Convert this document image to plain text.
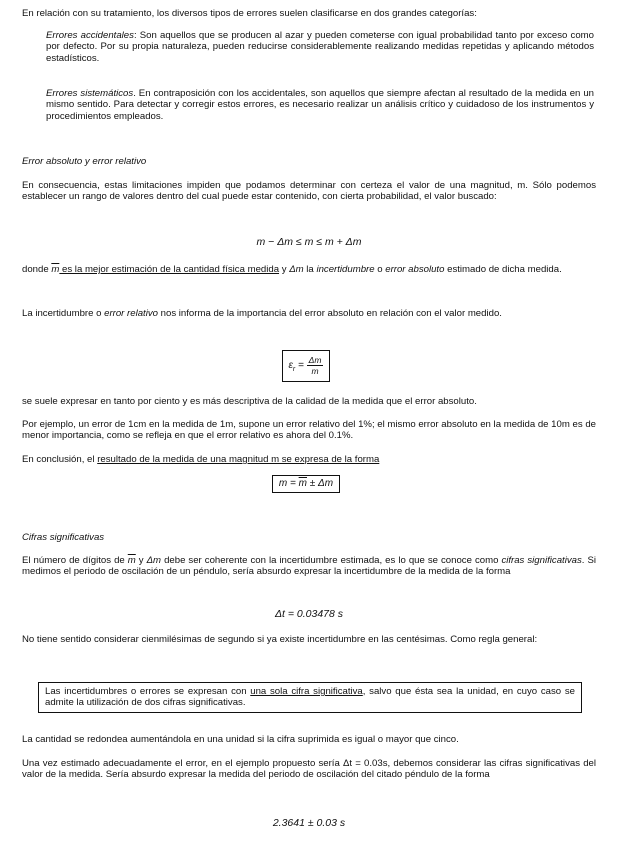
En relación con su tratamiento, los diversos tipos de errores suelen clasificarse en dos grandes categorías:
Errores accidentales: Son aquellos que se producen al azar y pueden cometerse con igual probabilidad tanto por exceso como por defecto. Por su propia naturaleza, pueden reducirse considerablemente realizando medidas repetidas y aplicando métodos estadísticos.
Errores sistemáticos. En contraposición con los accidentales, son aquellos que siempre afectan al resultado de la medida en un mismo sentido. Para detectar y corregir estos errores, es necesario realizar un análisis crítico y cuidadoso de los instrumentos y procedimientos empleados.
Error absoluto y error relativo
En consecuencia, estas limitaciones impiden que podamos determinar con certeza el valor de una magnitud, m. Sólo podemos establecer un rango de valores dentro del cual puede estar contenido, con cierta probabilidad, el valor buscado:
m − Δm ≤ m ≤ m + Δm
donde $\overline{m}$ es la mejor estimación de la cantidad física medida y Δm la incertidumbre o error absoluto estimado de dicha medida.
La incertidumbre o error relativo nos informa de la importancia del error absoluto en relación con el valor medido.
$\varepsilon_r = \frac{\Delta m}{m}$
se suele expresar en tanto por ciento y es más descriptiva de la calidad de la medida que el error absoluto.
Por ejemplo, un error de 1cm en la medida de 1m, supone un error relativo del 1%; el mismo error absoluto en la medida de 10m es de menor importancia, como se refleja en que el error relativo es ahora del 0.1%.
En conclusión, el resultado de la medida de una magnitud m se expresa de la forma
$m = \overline{m} \pm \Delta m$
Cifras significativas
El número de dígitos de $\overline{m}$ y Δm debe ser coherente con la incertidumbre estimada, es lo que se conoce como cifras significativas. Si medimos el periodo de oscilación de un péndulo, sería absurdo expresar la incertidumbre de la medida de la forma
Δt = 0.03478 s
No tiene sentido considerar cienmilésimas de segundo si ya existe incertidumbre en las centésimas. Como regla general:
Las incertidumbres o errores se expresan con una sola cifra significativa, salvo que ésta sea la unidad, en cuyo caso se admite la utilización de dos cifras significativas.
La cantidad se redondea aumentándola en una unidad si la cifra suprimida es igual o mayor que cinco.
Una vez estimado adecuadamente el error, en el ejemplo propuesto sería Δt = 0.03s, debemos considerar las cifras significativas del valor de la medida. Sería absurdo expresar la medida del periodo de oscilación del citado péndulo de la forma
2.3641 ± 0.03 s
